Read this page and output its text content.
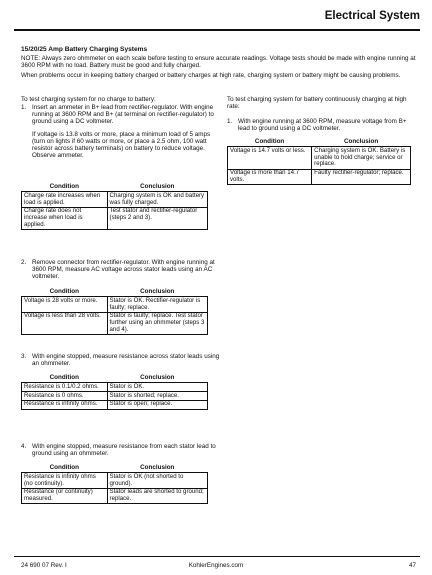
Electrical System
15/20/25 Amp Battery Charging Systems
NOTE: Always zero ohmmeter on each scale before testing to ensure accurate readings. Voltage tests should be made with engine running at 3600 RPM with no load. Battery must be good and fully charged.
When problems occur in keeping battery charged or battery charges at high rate, charging system or battery might be causing problems.
To test charging system for no charge to battery:
1. Insert an ammeter in B+ lead from rectifier-regulator. With engine running at 3600 RPM and B+ (at terminal on rectifier-regulator) to ground using a DC voltmeter.
If voltage is 13.8 volts or more, place a minimum load of 5 amps (turn on lights if 60 watts or more, or place a 2.5 ohm, 100 watt resistor across battery terminals) on battery to reduce voltage. Observe ammeter.
Condition	Conclusion
Charge rate increases when load is applied.	Charging system is OK and battery was fully charged.
Charge rate does not increase when load is applied.	Test stator and rectifier-regulator (steps 2 and 3).
2. Remove connector from rectifier-regulator. With engine running at 3600 RPM, measure AC voltage across stator leads using an AC voltmeter.
Condition	Conclusion
Voltage is 28 volts or more.	Stator is OK. Rectifier-regulator is faulty; replace.
Voltage is less than 28 volts.	Stator is faulty; replace. Test stator further using an ohmmeter (steps 3 and 4).
3. With engine stopped, measure resistance across stator leads using an ohmmeter.
Condition	Conclusion
Resistance is 0.1/0.2 ohms.	Stator is OK.
Resistance is 0 ohms.	Stator is shorted; replace.
Resistance is infinity ohms.	Stator is open; replace.
4. With engine stopped, measure resistance from each stator lead to ground using an ohmmeter.
Condition	Conclusion
Resistance is infinity ohms (no continuity).	Stator is OK (not shorted to ground).
Resistance (or continuity) measured.	Stator leads are shorted to ground; replace.
To test charging system for battery continuously charging at high rate:
1. With engine running at 3600 RPM, measure voltage from B+ lead to ground using a DC voltmeter.
Condition	Conclusion
Voltage is 14.7 volts or less.	Charging system is OK. Battery is unable to hold charge; service or replace.
Voltage is more than 14.7 volts.	Faulty rectifier-regulator; replace.
24 690 07 Rev. I	KohlerEngines.com	47
